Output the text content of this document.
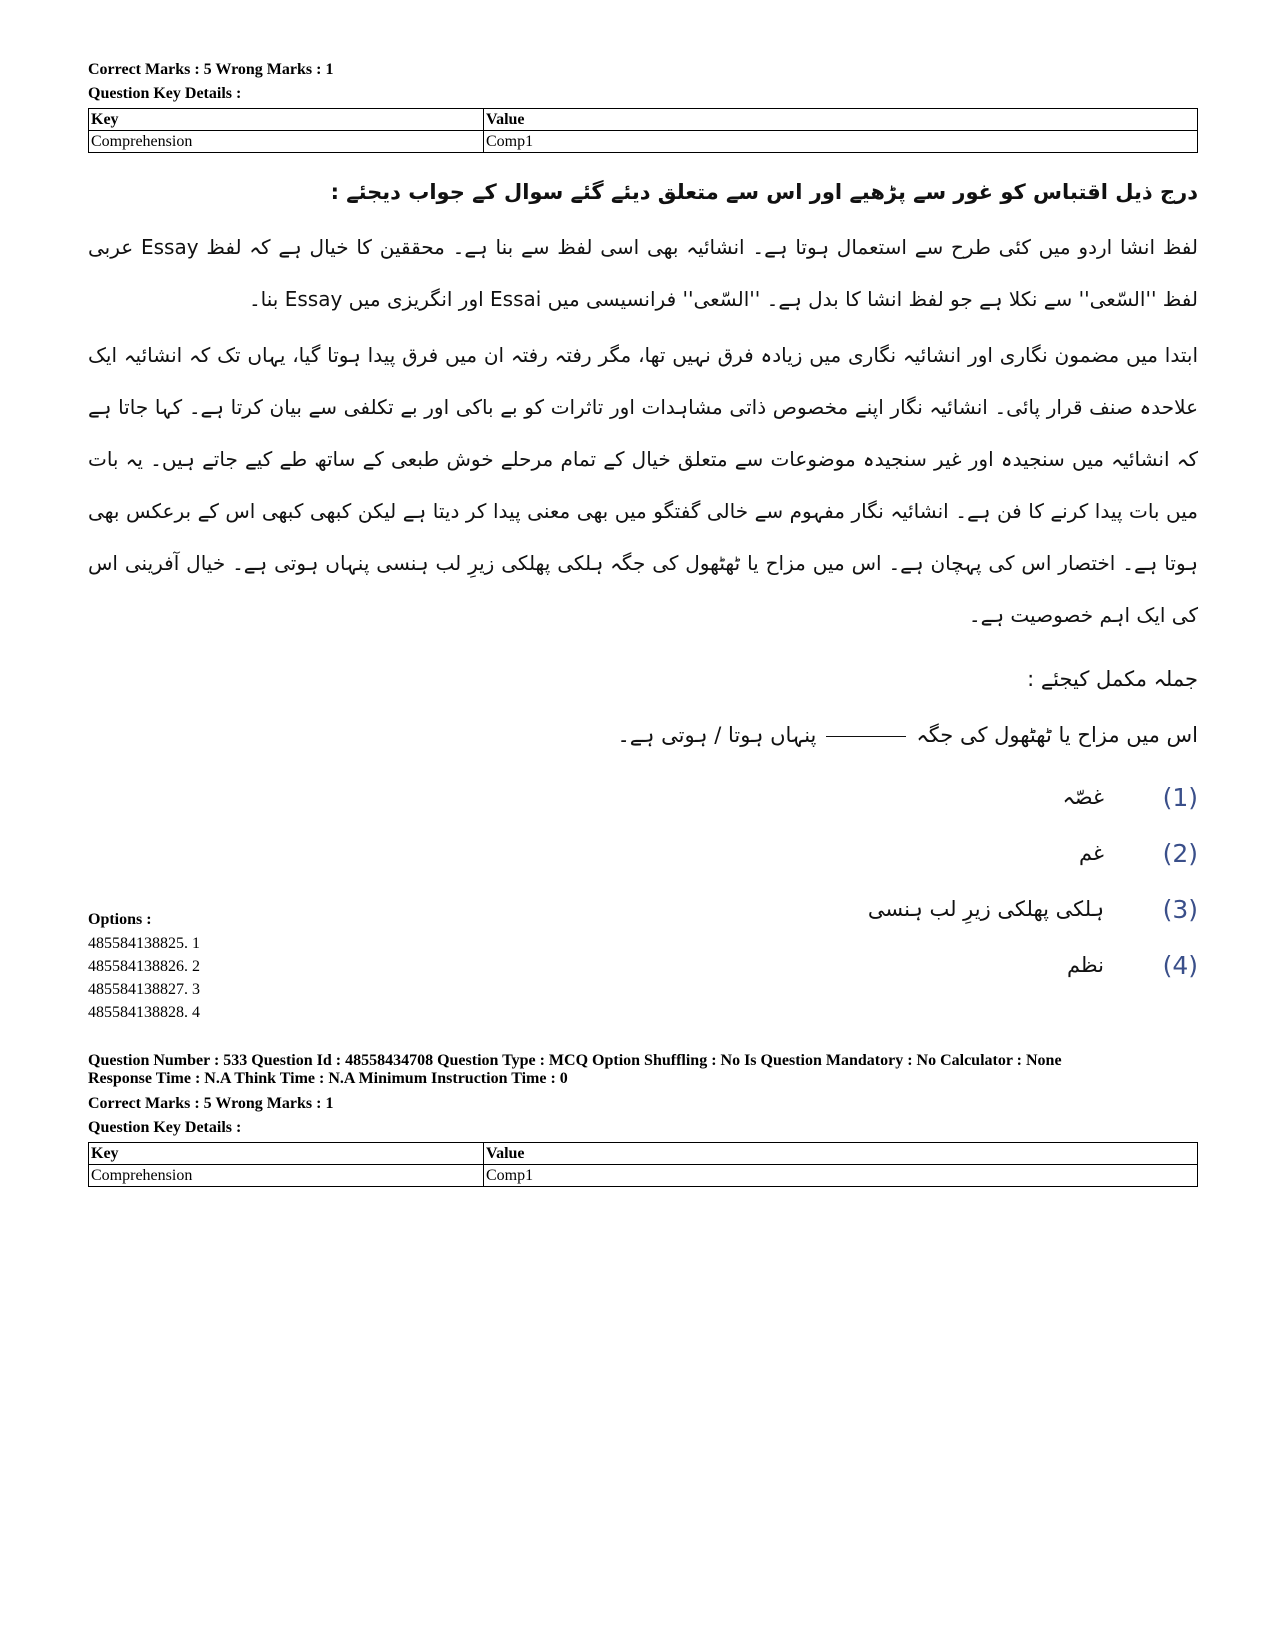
Correct Marks : 5 Wrong Marks : 1

Question Key Details :

Key	Value
Comprehension	Comp1

درج ذیل اقتباس کو غور سے پڑھیے اور اس سے متعلق دیئے گئے سوال کے جواب دیجئے :

لفظ انشا اردو میں کئی طرح سے استعمال ہوتا ہے۔ انشائیہ بھی اسی لفظ سے بنا ہے۔ محققین کا خیال ہے کہ لفظ Essay عربی لفظ ''السّعی'' سے نکلا ہے جو لفظ انشا کا بدل ہے۔ ''السّعی'' فرانسیسی میں Essai اور انگریزی میں Essay بنا۔

ابتدا میں مضمون نگاری اور انشائیہ نگاری میں زیادہ فرق نہیں تھا، مگر رفتہ رفتہ ان میں فرق پیدا ہوتا گیا، یہاں تک کہ انشائیہ ایک علاحدہ صنف قرار پائی۔ انشائیہ نگار اپنے مخصوص ذاتی مشاہدات اور تاثرات کو بے باکی اور بے تکلفی سے بیان کرتا ہے۔ کہا جاتا ہے کہ انشائیہ میں سنجیدہ اور غیر سنجیدہ موضوعات سے متعلق خیال کے تمام مرحلے خوش طبعی کے ساتھ طے کیے جاتے ہیں۔ یہ بات میں بات پیدا کرنے کا فن ہے۔ انشائیہ نگار مفہوم سے خالی گفتگو میں بھی معنی پیدا کر دیتا ہے لیکن کبھی کبھی اس کے برعکس بھی ہوتا ہے۔ اختصار اس کی پہچان ہے۔ اس میں مزاح یا ٹھٹھول کی جگہ ہلکی پھلکی زیرِ لب ہنسی پنہاں ہوتی ہے۔ خیال آفرینی اس کی ایک اہم خصوصیت ہے۔

جملہ مکمل کیجئے :

اس میں مزاح یا ٹھٹھول کی جگہپنہاں ہوتا / ہوتی ہے۔

(1)
غصّہ
(2)
غم
(3)
ہلکی پھلکی زیرِ لب ہنسی
(4)
نظم

Options :

485584138825. 1

485584138826. 2

485584138827. 3

485584138828. 4

Question Number : 533 Question Id : 48558434708 Question Type : MCQ Option Shuffling : No Is Question Mandatory : No Calculator : None

Response Time : N.A Think Time : N.A Minimum Instruction Time : 0

Correct Marks : 5 Wrong Marks : 1

Question Key Details :

Key	Value
Comprehension	Comp1
